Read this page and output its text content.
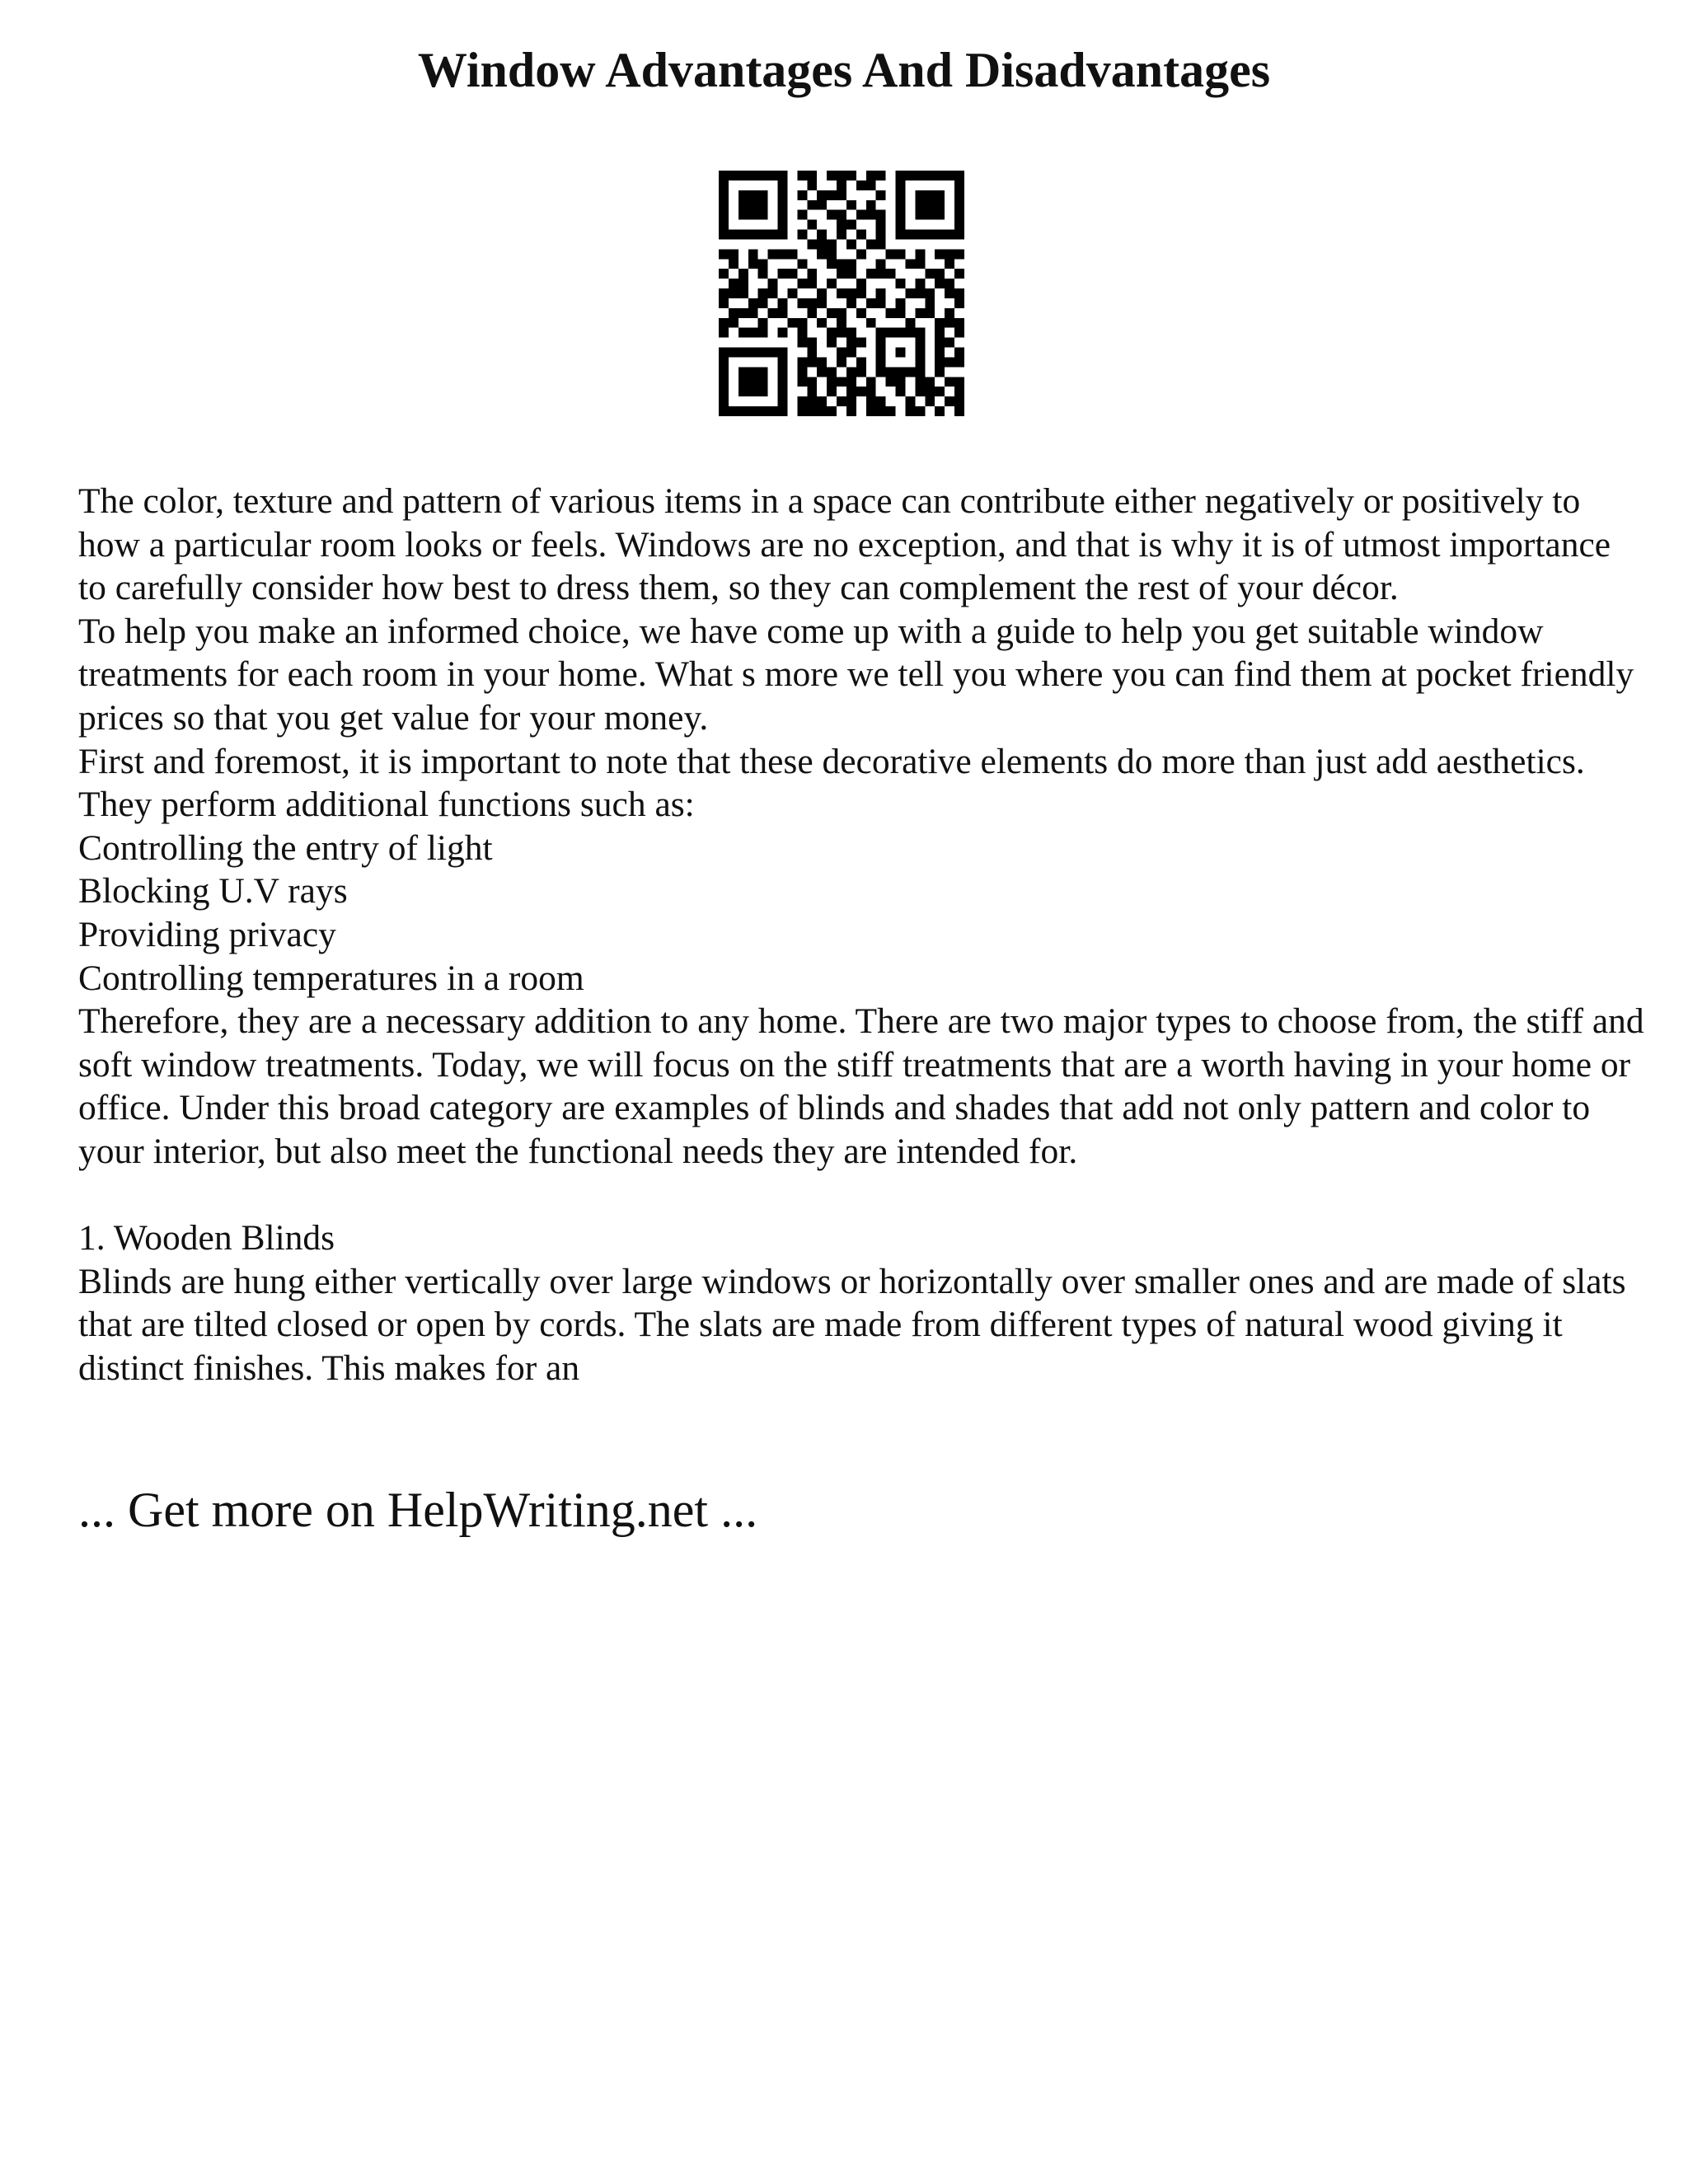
Window Advantages And Disadvantages

The color, texture and pattern of various items in a space can contribute either negatively or positively to how a particular room looks or feels. Windows are no exception, and that is why it is of utmost importance to carefully consider how best to dress them, so they can complement the rest of your décor.

To help you make an informed choice, we have come up with a guide to help you get suitable window treatments for each room in your home. What s more we tell you where you can find them at pocket friendly prices so that you get value for your money.

First and foremost, it is important to note that these decorative elements do more than just add aesthetics. They perform additional functions such as:

Controlling the entry of light

Blocking U.V rays

Providing privacy

Controlling temperatures in a room

Therefore, they are a necessary addition to any home. There are two major types to choose from, the stiff and soft window treatments. Today, we will focus on the stiff treatments that are a worth having in your home or office. Under this broad category are examples of blinds and shades that add not only pattern and color to your interior, but also meet the functional needs they are intended for.

1. Wooden Blinds

Blinds are hung either vertically over large windows or horizontally over smaller ones and are made of slats that are tilted closed or open by cords. The slats are made from different types of natural wood giving it distinct finishes. This makes for an

... Get more on HelpWriting.net ...
